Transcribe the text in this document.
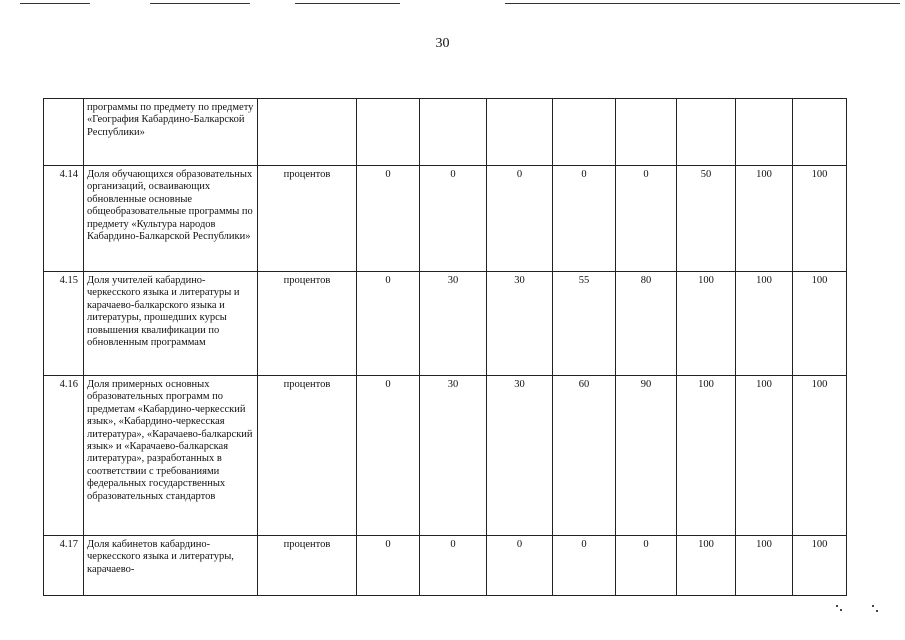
30
	программы по предмету по предмету «География Кабардино-Балкарской Республики»									
4.14	Доля обучающихся образовательных организаций, осваивающих обновленные основные общеобразовательные программы по предмету «Культура народов Кабардино-Балкарской Республики»	процентов	0	0	0	0	0	50	100	100
4.15	Доля учителей кабардино-черкесского языка и литературы и карачаево-балкарского языка и литературы, прошедших курсы повышения квалификации по обновленным программам	процентов	0	30	30	55	80	100	100	100
4.16	Доля примерных основных образовательных программ по предметам «Кабардино-черкесский язык», «Кабардино-черкесская литература», «Карачаево-балкарский язык» и «Карачаево-балкарская литература», разработанных в соответствии с требованиями федеральных государственных образовательных стандартов	процентов	0	30	30	60	90	100	100	100
4.17	Доля кабинетов кабардино-черкесского языка и литературы, карачаево-	процентов	0	0	0	0	0	100	100	100
